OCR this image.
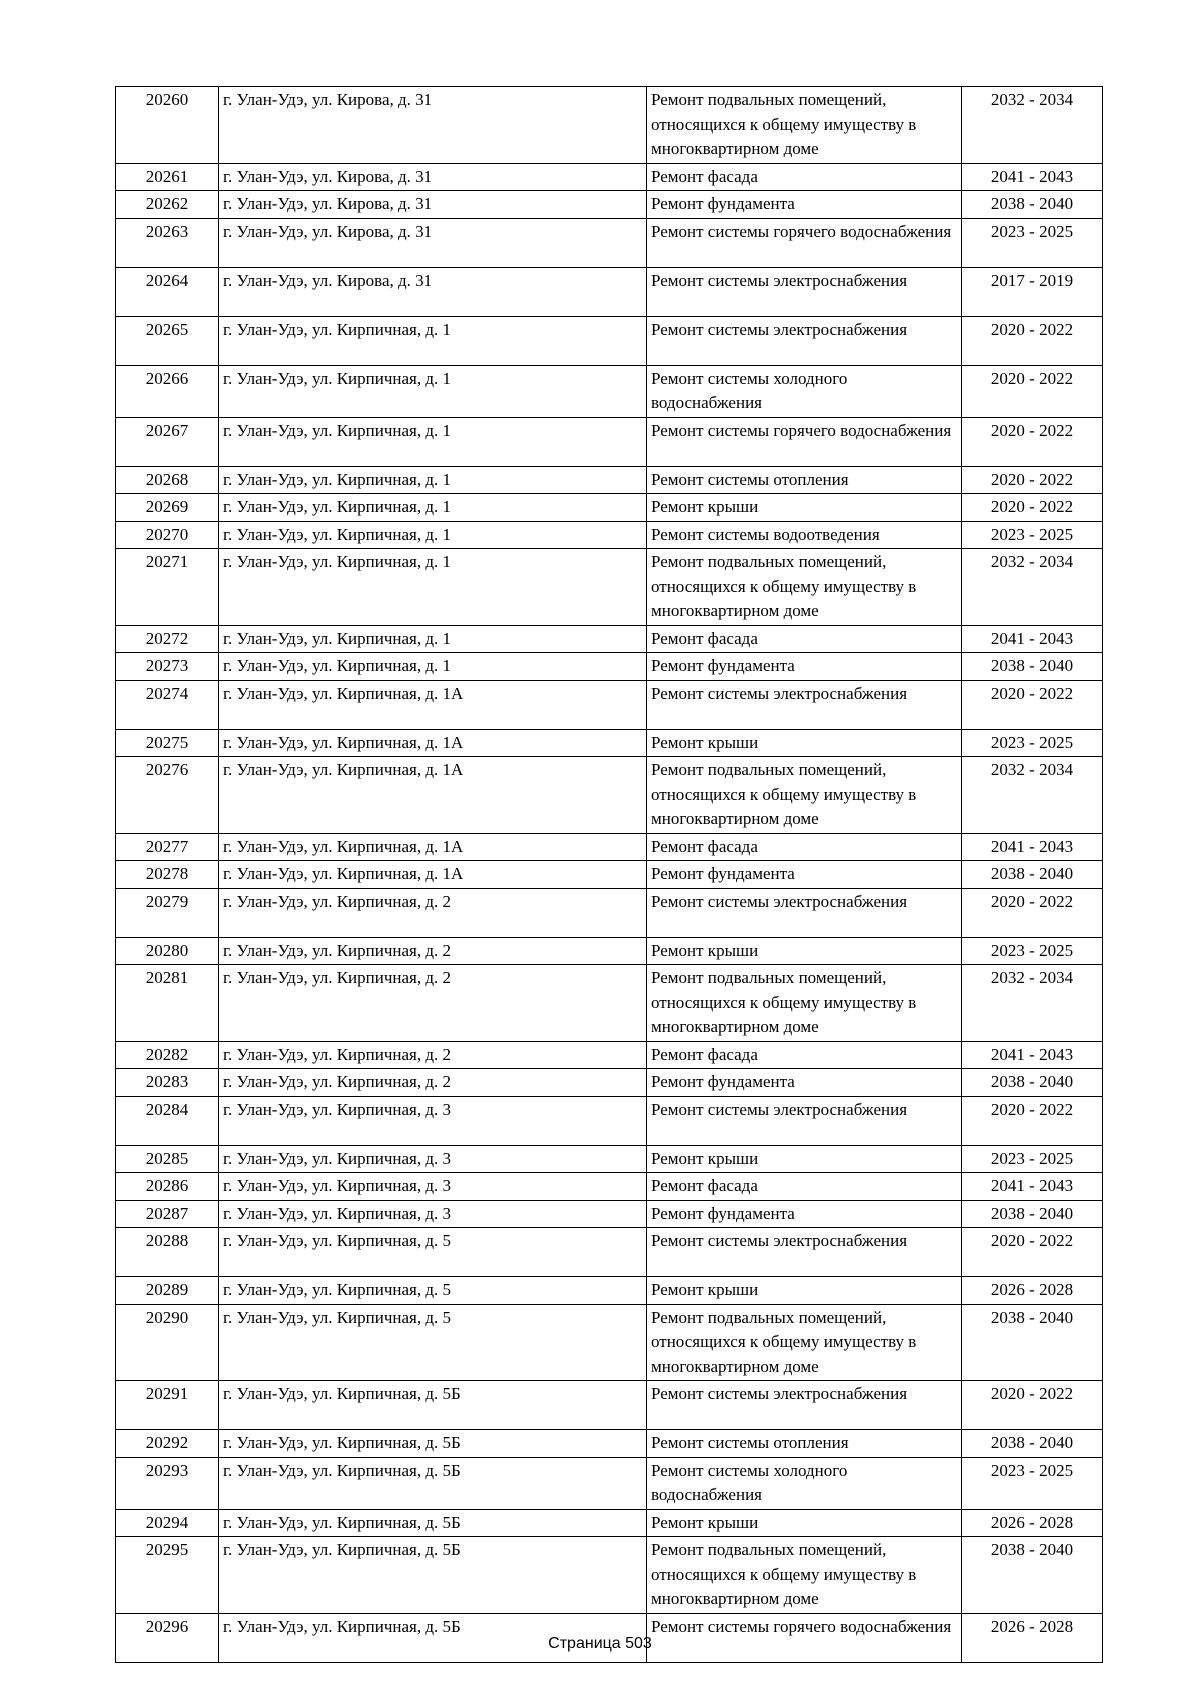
20260	г. Улан-Удэ, ул. Кирова, д. 31	Ремонт подвальных помещений, относящихся к общему имуществу в многоквартирном доме	2032 - 2034
20261	г. Улан-Удэ, ул. Кирова, д. 31	Ремонт фасада	2041 - 2043
20262	г. Улан-Удэ, ул. Кирова, д. 31	Ремонт фундамента	2038 - 2040
20263	г. Улан-Удэ, ул. Кирова, д. 31	Ремонт системы горячего водоснабжения	2023 - 2025
20264	г. Улан-Удэ, ул. Кирова, д. 31	Ремонт системы электроснабжения	2017 - 2019
20265	г. Улан-Удэ, ул. Кирпичная, д. 1	Ремонт системы электроснабжения	2020 - 2022
20266	г. Улан-Удэ, ул. Кирпичная, д. 1	Ремонт системы холодного водоснабжения	2020 - 2022
20267	г. Улан-Удэ, ул. Кирпичная, д. 1	Ремонт системы горячего водоснабжения	2020 - 2022
20268	г. Улан-Удэ, ул. Кирпичная, д. 1	Ремонт системы отопления	2020 - 2022
20269	г. Улан-Удэ, ул. Кирпичная, д. 1	Ремонт крыши	2020 - 2022
20270	г. Улан-Удэ, ул. Кирпичная, д. 1	Ремонт системы водоотведения	2023 - 2025
20271	г. Улан-Удэ, ул. Кирпичная, д. 1	Ремонт подвальных помещений, относящихся к общему имуществу в многоквартирном доме	2032 - 2034
20272	г. Улан-Удэ, ул. Кирпичная, д. 1	Ремонт фасада	2041 - 2043
20273	г. Улан-Удэ, ул. Кирпичная, д. 1	Ремонт фундамента	2038 - 2040
20274	г. Улан-Удэ, ул. Кирпичная, д. 1А	Ремонт системы электроснабжения	2020 - 2022
20275	г. Улан-Удэ, ул. Кирпичная, д. 1А	Ремонт крыши	2023 - 2025
20276	г. Улан-Удэ, ул. Кирпичная, д. 1А	Ремонт подвальных помещений, относящихся к общему имуществу в многоквартирном доме	2032 - 2034
20277	г. Улан-Удэ, ул. Кирпичная, д. 1А	Ремонт фасада	2041 - 2043
20278	г. Улан-Удэ, ул. Кирпичная, д. 1А	Ремонт фундамента	2038 - 2040
20279	г. Улан-Удэ, ул. Кирпичная, д. 2	Ремонт системы электроснабжения	2020 - 2022
20280	г. Улан-Удэ, ул. Кирпичная, д. 2	Ремонт крыши	2023 - 2025
20281	г. Улан-Удэ, ул. Кирпичная, д. 2	Ремонт подвальных помещений, относящихся к общему имуществу в многоквартирном доме	2032 - 2034
20282	г. Улан-Удэ, ул. Кирпичная, д. 2	Ремонт фасада	2041 - 2043
20283	г. Улан-Удэ, ул. Кирпичная, д. 2	Ремонт фундамента	2038 - 2040
20284	г. Улан-Удэ, ул. Кирпичная, д. 3	Ремонт системы электроснабжения	2020 - 2022
20285	г. Улан-Удэ, ул. Кирпичная, д. 3	Ремонт крыши	2023 - 2025
20286	г. Улан-Удэ, ул. Кирпичная, д. 3	Ремонт фасада	2041 - 2043
20287	г. Улан-Удэ, ул. Кирпичная, д. 3	Ремонт фундамента	2038 - 2040
20288	г. Улан-Удэ, ул. Кирпичная, д. 5	Ремонт системы электроснабжения	2020 - 2022
20289	г. Улан-Удэ, ул. Кирпичная, д. 5	Ремонт крыши	2026 - 2028
20290	г. Улан-Удэ, ул. Кирпичная, д. 5	Ремонт подвальных помещений, относящихся к общему имуществу в многоквартирном доме	2038 - 2040
20291	г. Улан-Удэ, ул. Кирпичная, д. 5Б	Ремонт системы электроснабжения	2020 - 2022
20292	г. Улан-Удэ, ул. Кирпичная, д. 5Б	Ремонт системы отопления	2038 - 2040
20293	г. Улан-Удэ, ул. Кирпичная, д. 5Б	Ремонт системы холодного водоснабжения	2023 - 2025
20294	г. Улан-Удэ, ул. Кирпичная, д. 5Б	Ремонт крыши	2026 - 2028
20295	г. Улан-Удэ, ул. Кирпичная, д. 5Б	Ремонт подвальных помещений, относящихся к общему имуществу в многоквартирном доме	2038 - 2040
20296	г. Улан-Удэ, ул. Кирпичная, д. 5Б	Ремонт системы горячего водоснабжения	2026 - 2028
Страница 503
